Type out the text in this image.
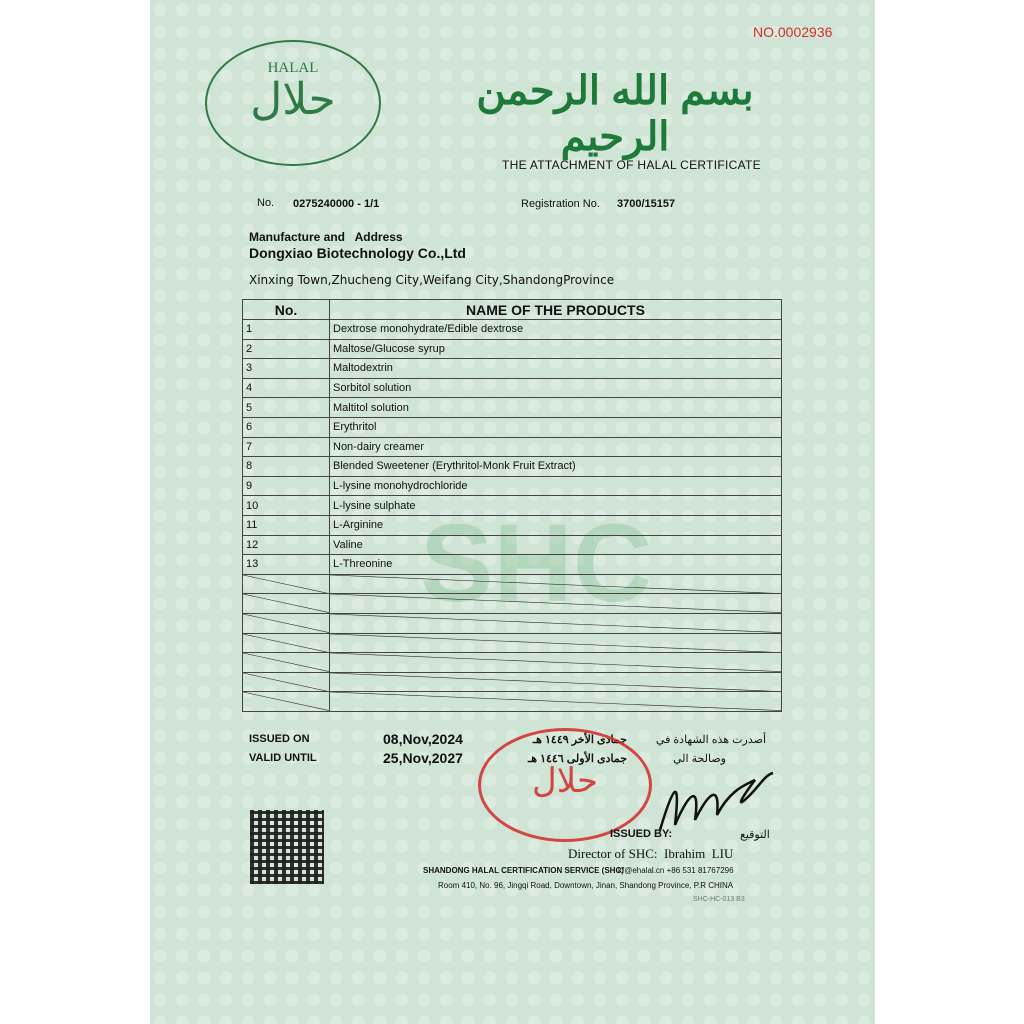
NO.0002936
HALAL
حلال	بسم الله الرحمن الرحيم
THE ATTACHMENT OF HALAL CERTIFICATE
No. 0275240000 - 1/1	Registration No. 3700/15157
Manufacture and   Address
Dongxiao Biotechnology Co.,Ltd
Xinxing Town,Zhucheng City,Weifang City,ShandongProvince
SHC
No.	NAME OF THE PRODUCTS
1	Dextrose monohydrate/Edible dextrose
2	Maltose/Glucose syrup
3	Maltodextrin
4	Sorbitol solution
5	Maltitol solution
6	Erythritol
7	Non-dairy creamer
8	Blended Sweetener (Erythritol-Monk Fruit Extract)
9	L-lysine monohydrochloride
10	L-lysine sulphate
11	L-Arginine
12	Valine
13	L-Threonine

ISSUED ON	08,Nov,2024	جمادى الأخر ١٤٤٩ هـ	أصدرت هذه الشهادة في
VALID UNTIL	25,Nov,2027	جمادى الأولى ١٤٤٦ هـ	وصالحة الي
حلال
ISSUED BY:	التوقيع
Director of SHC:  Ibrahim  LIU
SHANDONG HALAL CERTIFICATION SERVICE (SHC)
kf@ehalal.cn +86 531 81767296
Room 410, No. 96, Jingqi Road, Downtown, Jinan, Shandong Province, P.R CHINA
SHC-HC-013 B3
